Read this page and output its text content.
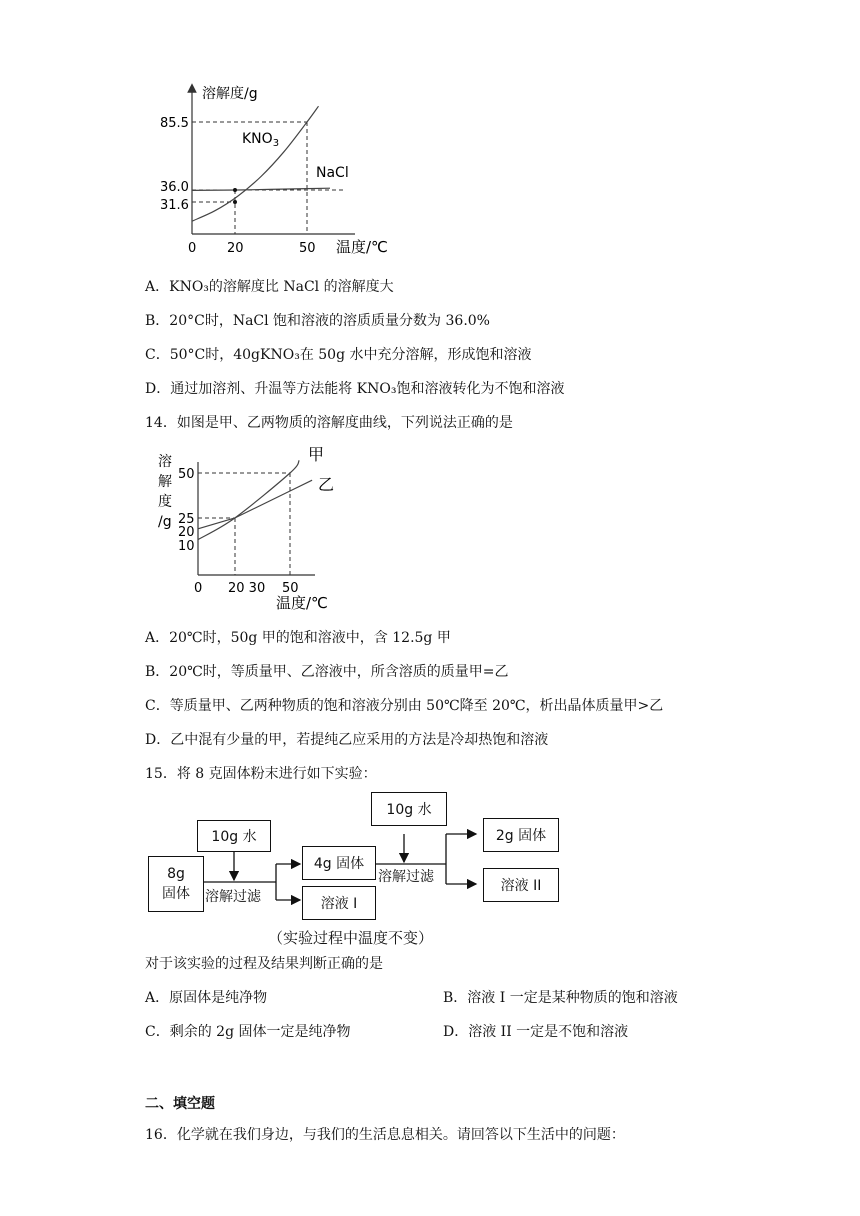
溶解度/g
85.5
36.0
31.6
0 20	50 温度/℃
$KNO_3$
NaCl
A．KNO₃的溶解度比 NaCl 的溶解度大
B．20°C时，NaCl 饱和溶液的溶质质量分数为 36.0%
C．50°C时，40gKNO₃在 50g 水中充分溶解，形成饱和溶液
D．通过加溶剂、升温等方法能将 KNO₃饱和溶液转化为不饱和溶液
14．如图是甲、乙两物质的溶解度曲线，下列说法正确的是
溶
解
度
/g
50
25
20
10
0 20 30 50
温度/℃
甲
乙
A．20℃时，50g 甲的饱和溶液中，含 12.5g 甲
B．20℃时，等质量甲、乙溶液中，所含溶质的质量甲=乙
C．等质量甲、乙两种物质的饱和溶液分别由 50℃降至 20℃，析出晶体质量甲>乙
D．乙中混有少量的甲，若提纯乙应采用的方法是冷却热饱和溶液
15．将 8 克固体粉末进行如下实验：
10g 水
8g
固体 溶解过滤
4g 固体
溶液 I
10g 水
溶解过滤
2g 固体
溶液 II
（实验过程中温度不变）
对于该实验的过程及结果判断正确的是
A．原固体是纯净物	B．溶液 I 一定是某种物质的饱和溶液
C．剩余的 2g 固体一定是纯净物	D．溶液 II 一定是不饱和溶液
二、填空题
16．化学就在我们身边，与我们的生活息息相关。请回答以下生活中的问题：
